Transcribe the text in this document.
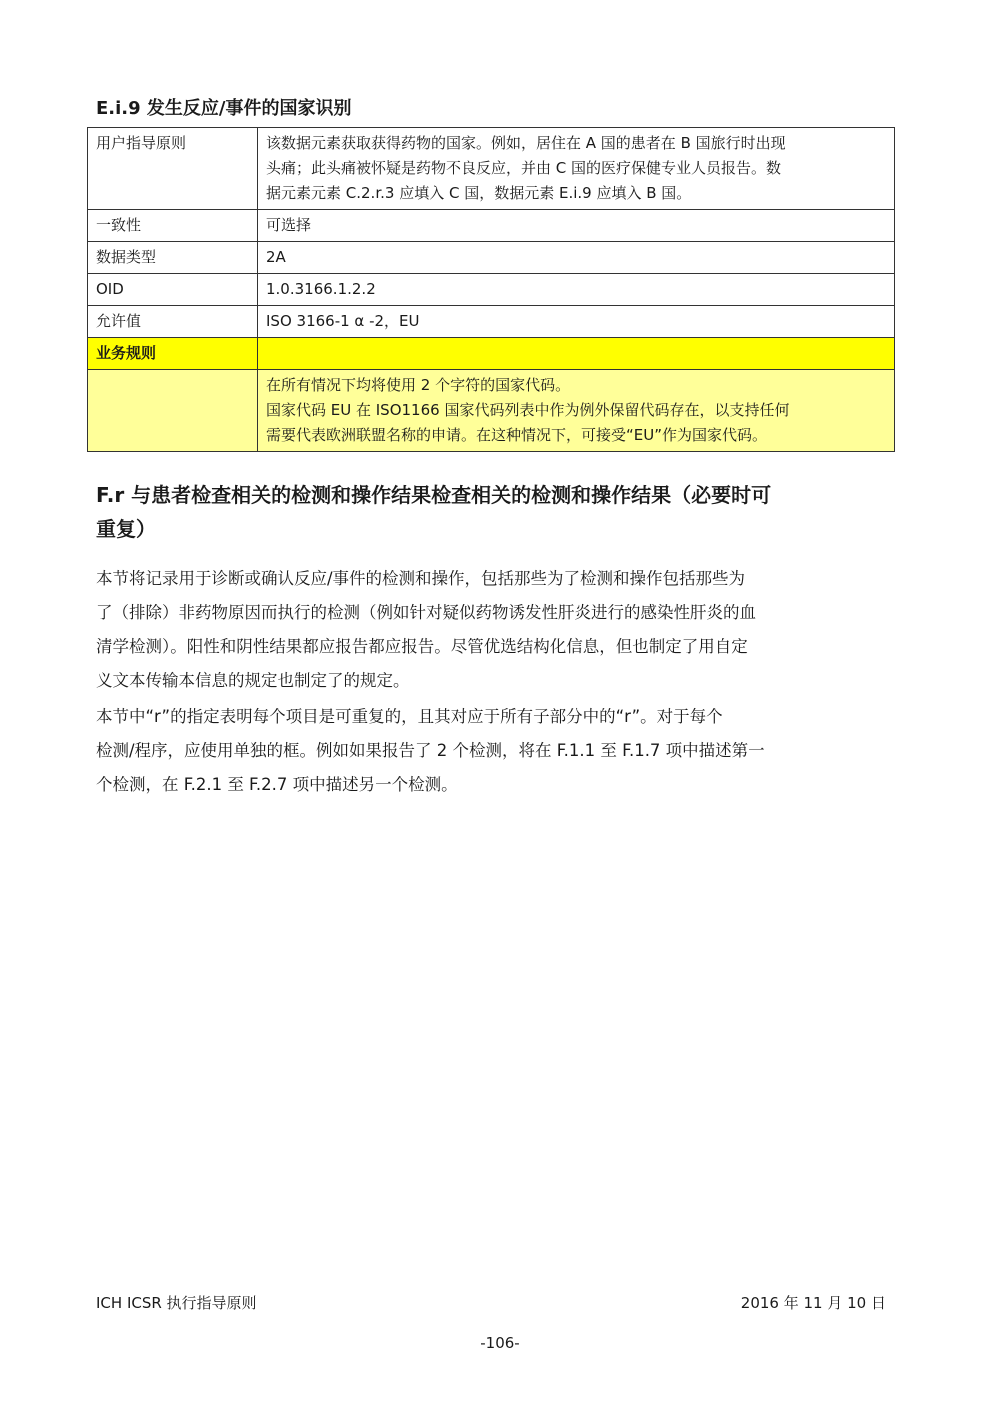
E.i.9 发生反应/事件的国家识别
用户指导原则	该数据元素获取获得药物的国家。例如，居住在 A 国的患者在 B 国旅行时出现
头痛；此头痛被怀疑是药物不良反应，并由 C 国的医疗保健专业人员报告。数
据元素元素 C.2.r.3 应填入 C 国，数据元素 E.i.9 应填入 B 国。

一致性	可选择
数据类型	2A
OID	1.0.3166.1.2.2
允许值	ISO 3166-1 α -2，EU
业务规则	

	在所有情况下均将使用 2 个字符的国家代码。
国家代码 EU 在 ISO1166 国家代码列表中作为例外保留代码存在，以支持任何
需要代表欧洲联盟名称的申请。在这种情况下，可接受“EU”作为国家代码。
F.r 与患者检查相关的检测和操作结果检查相关的检测和操作结果（必要时可
重复）
本节将记录用于诊断或确认反应/事件的检测和操作，包括那些为了检测和操作包括那些为
了（排除）非药物原因而执行的检测（例如针对疑似药物诱发性肝炎进行的感染性肝炎的血
清学检测）。阳性和阴性结果都应报告都应报告。尽管优选结构化信息，但也制定了用自定
义文本传输本信息的规定也制定了的规定。
本节中“r”的指定表明每个项目是可重复的，且其对应于所有子部分中的“r”。对于每个
检测/程序，应使用单独的框。例如如果报告了 2 个检测，将在 F.1.1 至 F.1.7 项中描述第一
个检测，在 F.2.1 至 F.2.7 项中描述另一个检测。
ICH ICSR 执行指导原则	2016 年 11 月 10 日
-106-
